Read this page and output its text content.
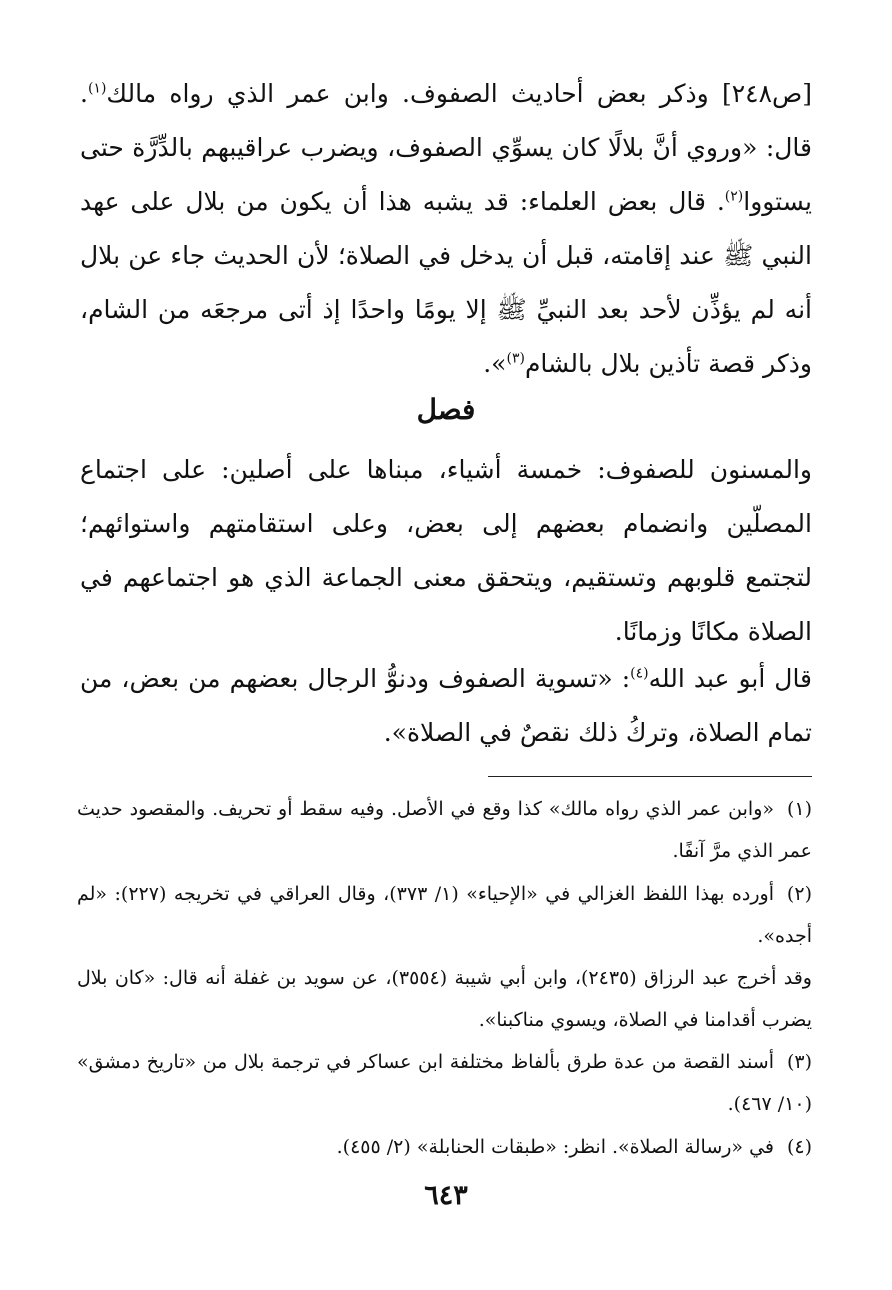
[ص٢٤٨] وذكر بعض أحاديث الصفوف. وابن عمر الذي رواه مالك$^{(١)}$. قال: «وروي أنَّ بلالًا كان يسوِّي الصفوف، ويضرب عراقيبهم بالدِّرَّة حتى يستووا$^{(٢)}$. قال بعض العلماء: قد يشبه هذا أن يكون من بلال على عهد النبي ﷺ عند إقامته، قبل أن يدخل في الصلاة؛ لأن الحديث جاء عن بلال أنه لم يؤذِّن لأحد بعد النبيِّ ﷺ إلا يومًا واحدًا إذ أتى مرجعَه من الشام، وذكر قصة تأذين بلال بالشام$^{(٣)}$».

فصل

والمسنون للصفوف: خمسة أشياء، مبناها على أصلين: على اجتماع المصلّين وانضمام بعضهم إلى بعض، وعلى استقامتهم واستوائهم؛ لتجتمع قلوبهم وتستقيم، ويتحقق معنى الجماعة الذي هو اجتماعهم في الصلاة مكانًا وزمانًا.

قال أبو عبد الله$^{(٤)}$: «تسوية الصفوف ودنوُّ الرجال بعضهم من بعض، من تمام الصلاة، وتركُ ذلك نقصٌ في الصلاة».

(١)«وابن عمر الذي رواه مالك» كذا وقع في الأصل. وفيه سقط أو تحريف. والمقصود حديث عمر الذي مرَّ آنفًا.

(٢)أورده بهذا اللفظ الغزالي في «الإحياء» (١/ ٣٧٣)، وقال العراقي في تخريجه (٢٢٧): «لم أجده».

وقد أخرج عبد الرزاق (٢٤٣٥)، وابن أبي شيبة (٣٥٥٤)، عن سويد بن غفلة أنه قال: «كان بلال يضرب أقدامنا في الصلاة، ويسوي مناكبنا».

(٣)أسند القصة من عدة طرق بألفاظ مختلفة ابن عساكر في ترجمة بلال من «تاريخ دمشق» (١٠/ ٤٦٧).

(٤)في «رسالة الصلاة». انظر: «طبقات الحنابلة» (٢/ ٤٥٥).

٦٤٣
